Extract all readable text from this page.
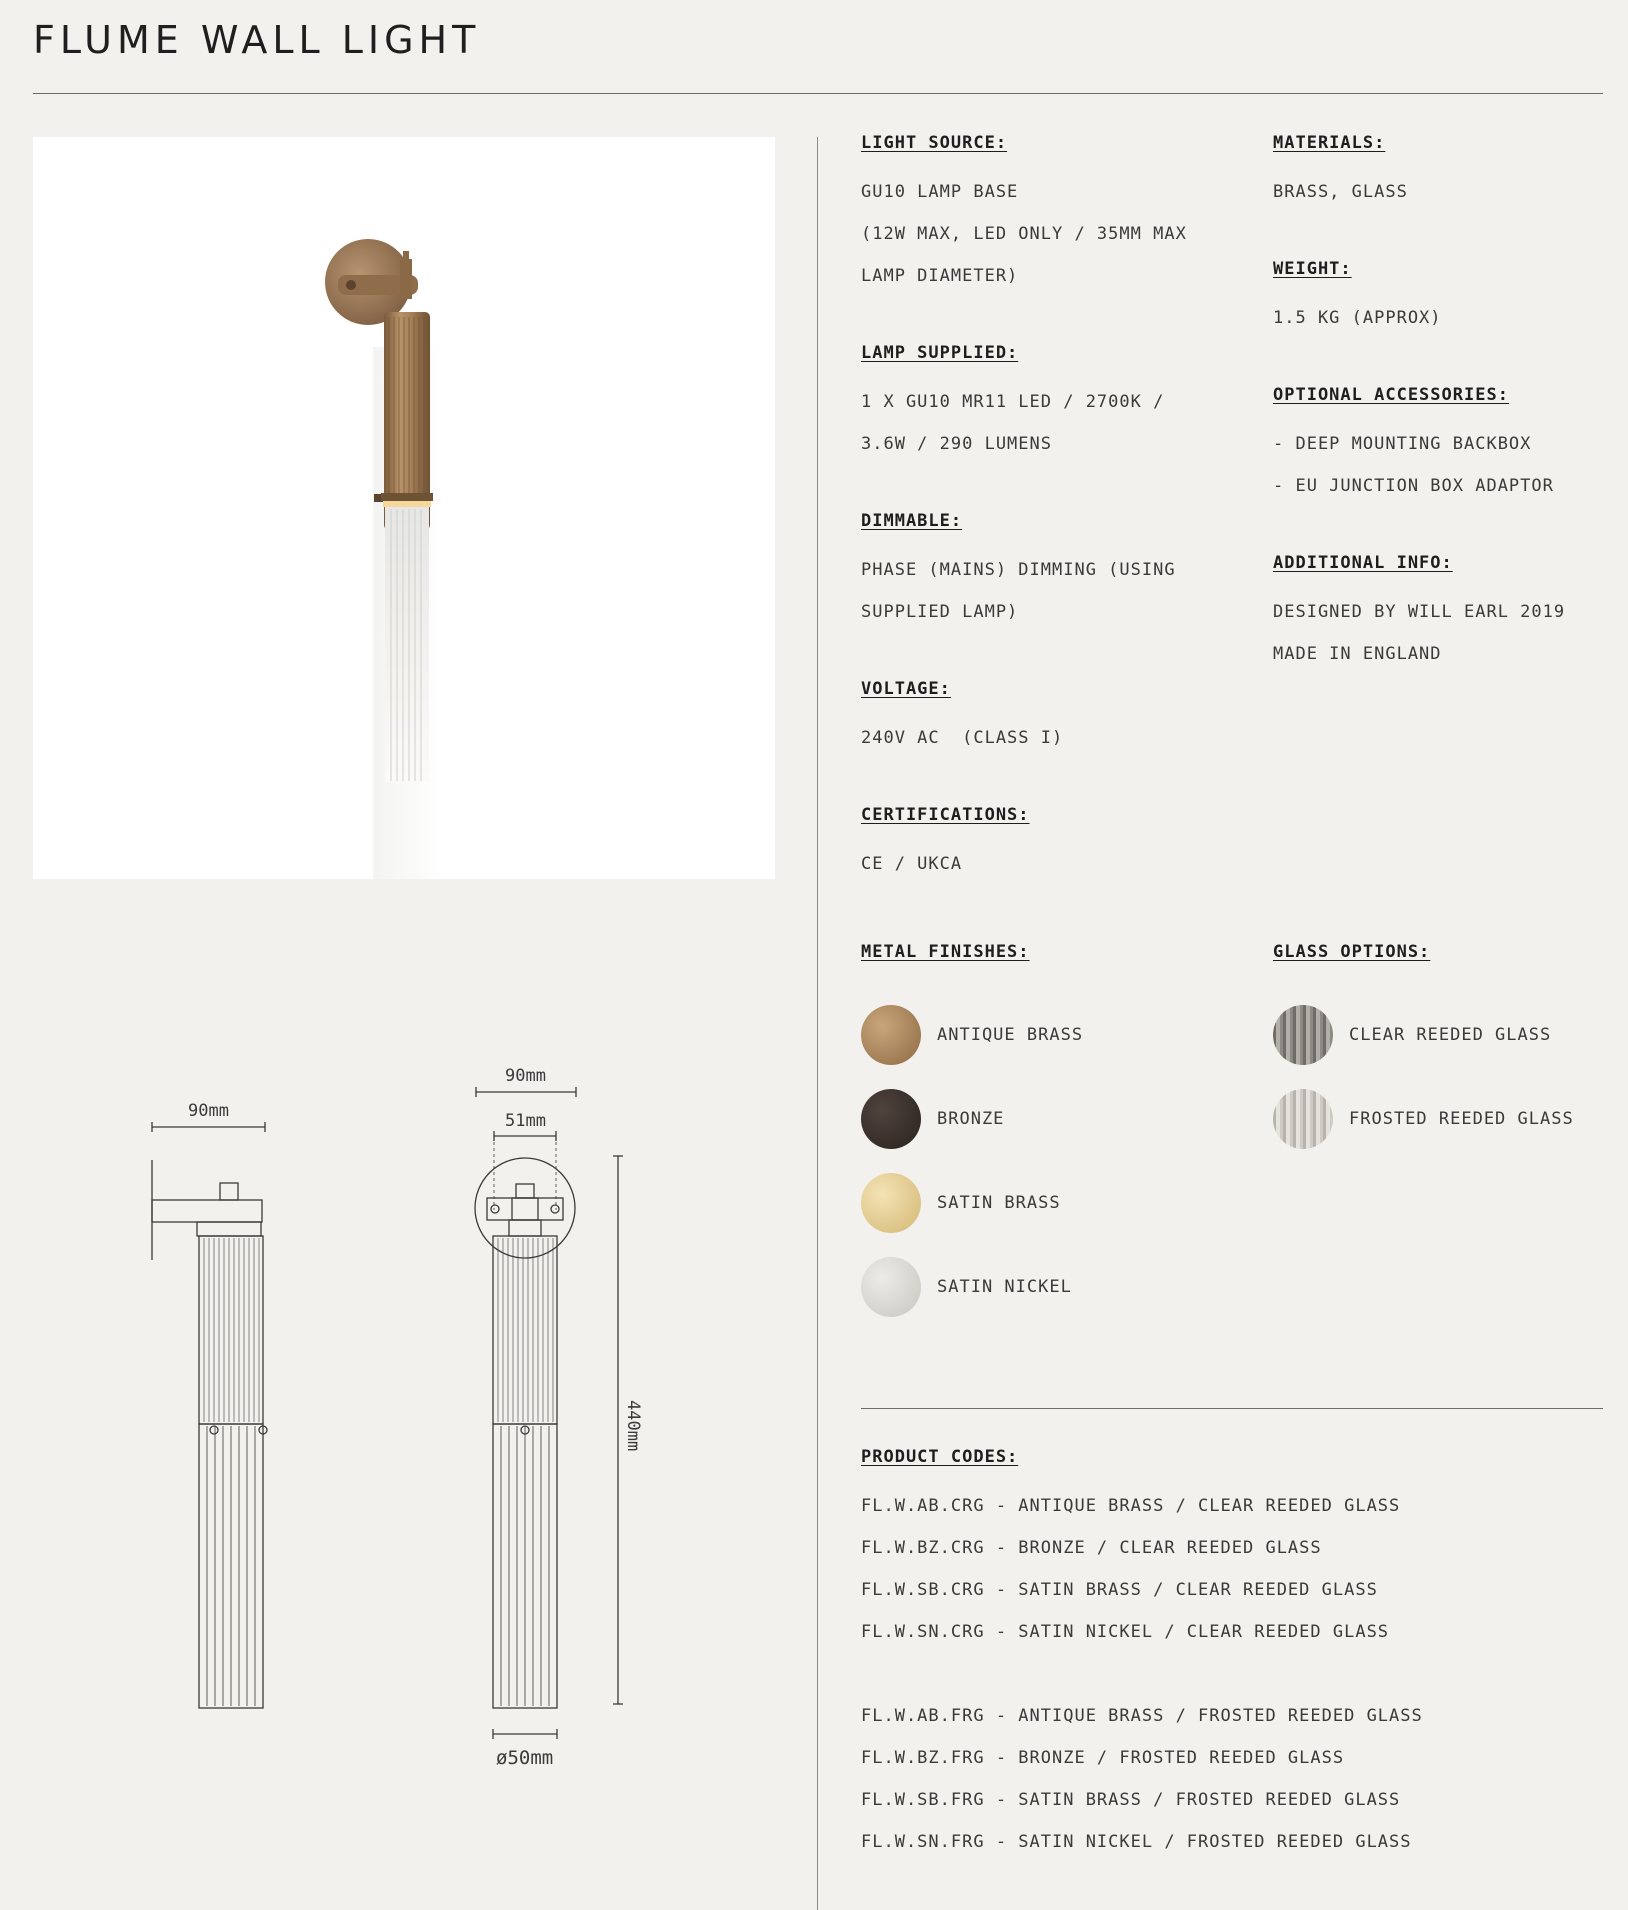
FLUME WALL LIGHT
90mm
90mm
51mm
440mm
ø50mm

LIGHT SOURCE:

GU10 LAMP BASE

(12W MAX, LED ONLY / 35MM MAX

LAMP DIAMETER)

LAMP SUPPLIED:

1 X GU10 MR11 LED / 2700K /

3.6W / 290 LUMENS

DIMMABLE:

PHASE (MAINS) DIMMING (USING

SUPPLIED LAMP)

VOLTAGE:

240V AC  (CLASS I)

CERTIFICATIONS:

CE / UKCA

MATERIALS:

BRASS, GLASS

WEIGHT:

1.5 KG (APPROX)

OPTIONAL ACCESSORIES:

- DEEP MOUNTING BACKBOX

- EU JUNCTION BOX ADAPTOR

ADDITIONAL INFO:

DESIGNED BY WILL EARL 2019

MADE IN ENGLAND

METAL FINISHES:

ANTIQUE BRASS
BRONZE
SATIN BRASS
SATIN NICKEL

GLASS OPTIONS:

CLEAR REEDED GLASS
FROSTED REEDED GLASS

PRODUCT CODES:

FL.W.AB.CRG - ANTIQUE BRASS / CLEAR REEDED GLASS

FL.W.BZ.CRG - BRONZE / CLEAR REEDED GLASS

FL.W.SB.CRG - SATIN BRASS / CLEAR REEDED GLASS

FL.W.SN.CRG - SATIN NICKEL / CLEAR REEDED GLASS

FL.W.AB.FRG - ANTIQUE BRASS / FROSTED REEDED GLASS

FL.W.BZ.FRG - BRONZE / FROSTED REEDED GLASS

FL.W.SB.FRG - SATIN BRASS / FROSTED REEDED GLASS

FL.W.SN.FRG - SATIN NICKEL / FROSTED REEDED GLASS
